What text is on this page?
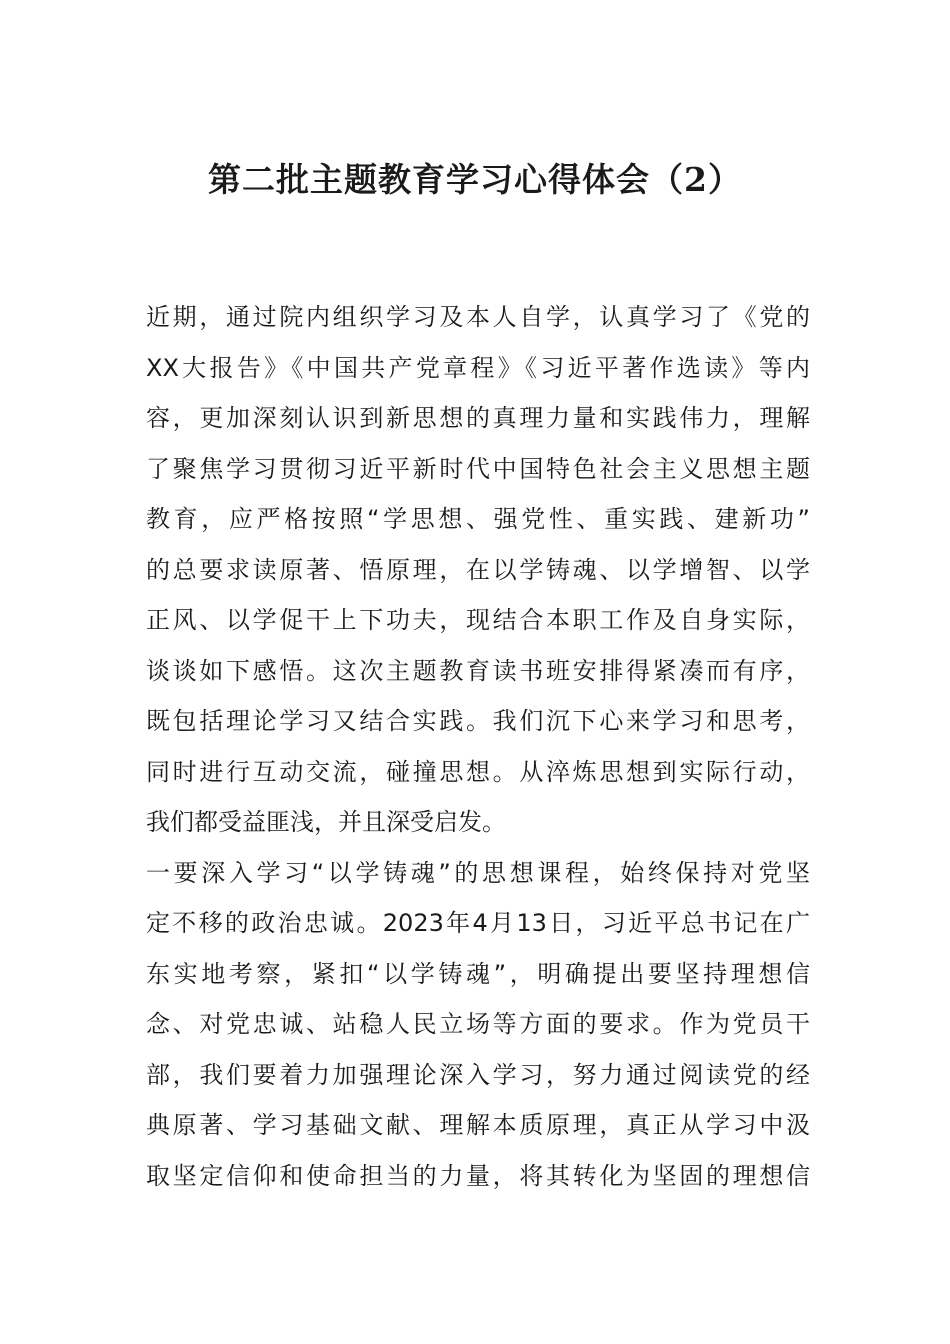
第二批主题教育学习心得体会（2）
近期，通过院内组织学习及本人自学，认真学习了《党的
XX大报告》《中国共产党章程》《习近平著作选读》等内
容，更加深刻认识到新思想的真理力量和实践伟力，理解
了聚焦学习贯彻习近平新时代中国特色社会主义思想主题
教育，应严格按照“学思想、强党性、重实践、建新功”
的总要求读原著、悟原理，在以学铸魂、以学增智、以学
正风、以学促干上下功夫，现结合本职工作及自身实际，
谈谈如下感悟。这次主题教育读书班安排得紧凑而有序，
既包括理论学习又结合实践。我们沉下心来学习和思考，
同时进行互动交流，碰撞思想。从淬炼思想到实际行动，
我们都受益匪浅，并且深受启发。
一要深入学习“以学铸魂”的思想课程，始终保持对党坚
定不移的政治忠诚。2023年4月13日，习近平总书记在广
东实地考察，紧扣“以学铸魂”，明确提出要坚持理想信
念、对党忠诚、站稳人民立场等方面的要求。作为党员干
部，我们要着力加强理论深入学习，努力通过阅读党的经
典原著、学习基础文献、理解本质原理，真正从学习中汲
取坚定信仰和使命担当的力量，将其转化为坚固的理想信
